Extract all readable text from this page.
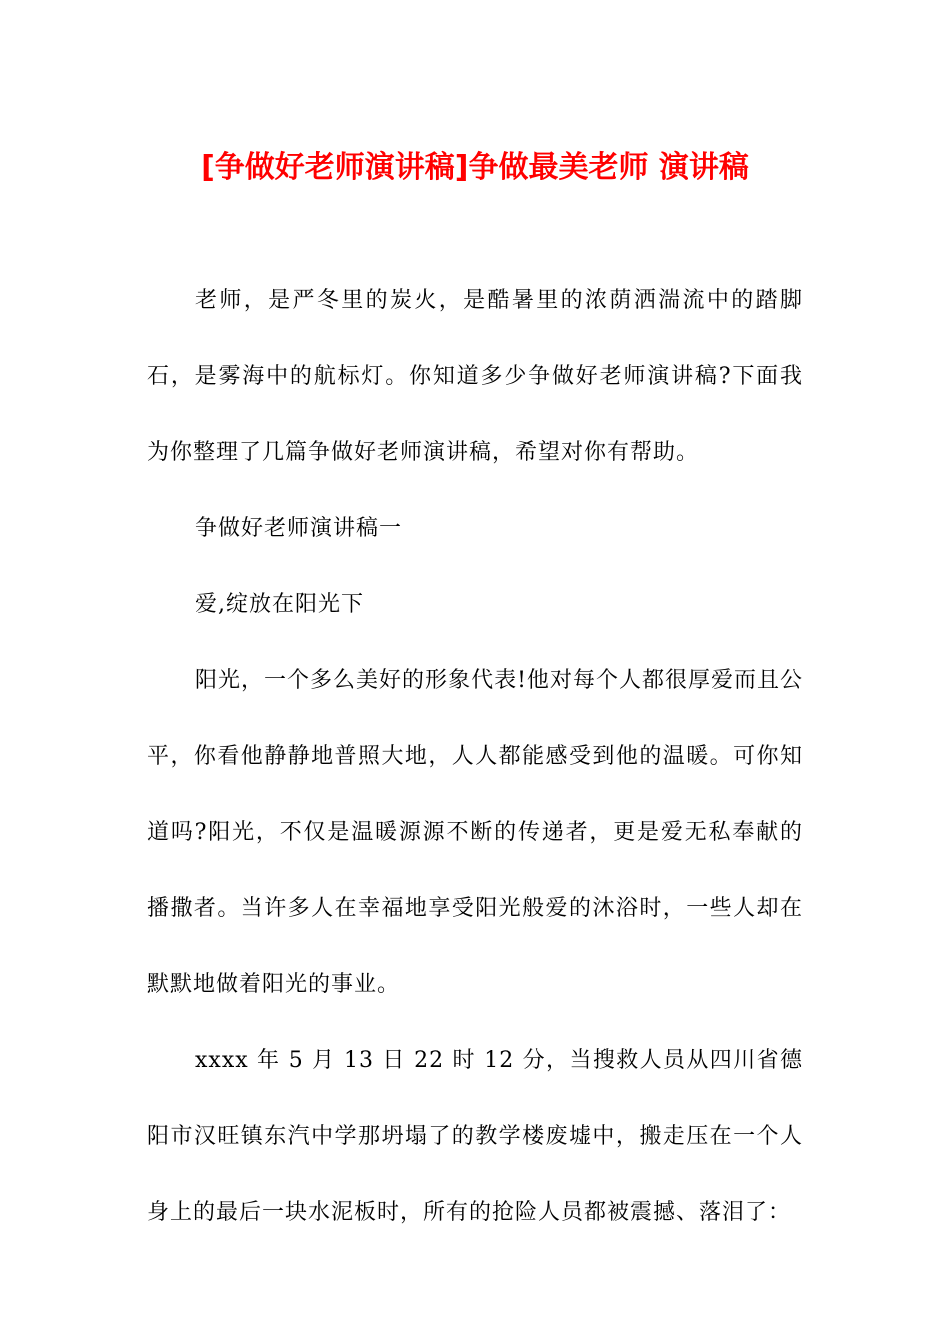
[争做好老师演讲稿]争做最美老师 演讲稿

老师，是严冬里的炭火，是酷暑里的浓荫洒湍流中的踏脚石，是雾海中的航标灯。你知道多少争做好老师演讲稿?下面我为你整理了几篇争做好老师演讲稿，希望对你有帮助。

争做好老师演讲稿一

爱,绽放在阳光下

阳光，一个多么美好的形象代表!他对每个人都很厚爱而且公平，你看他静静地普照大地，人人都能感受到他的温暖。可你知道吗?阳光，不仅是温暖源源不断的传递者，更是爱无私奉献的播撒者。当许多人在幸福地享受阳光般爱的沐浴时，一些人却在默默地做着阳光的事业。

xxxx 年 5 月 13 日 22 时 12 分，当搜救人员从四川省德阳市汉旺镇东汽中学那坍塌了的教学楼废墟中，搬走压在一个人身上的最后一块水泥板时，所有的抢险人员都被震撼、落泪了：
